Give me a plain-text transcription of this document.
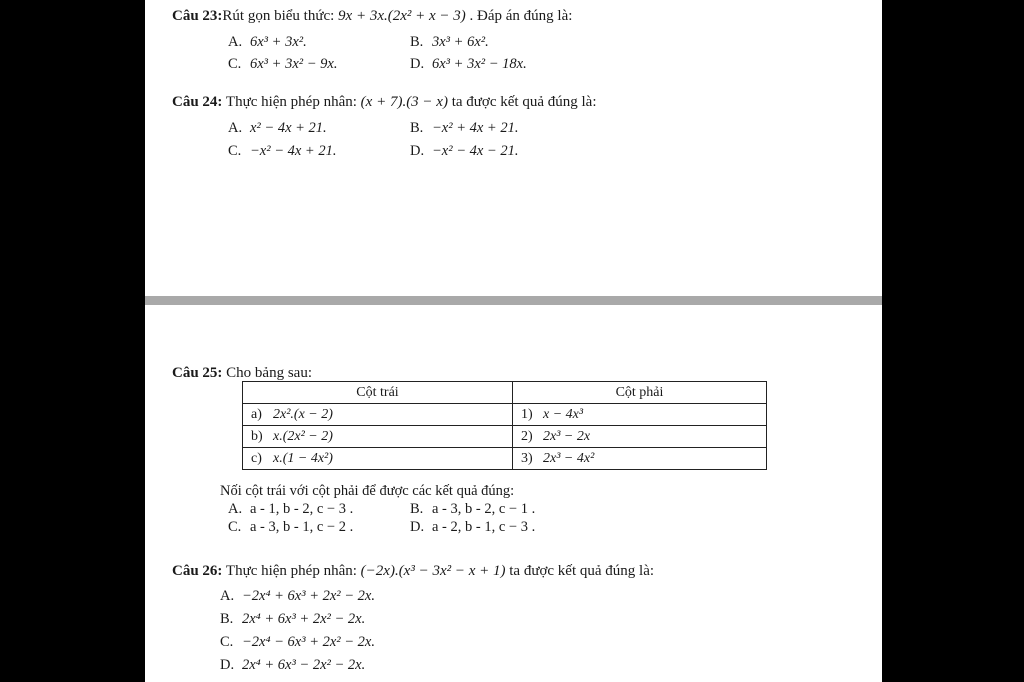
Câu 23:Rút gọn biểu thức: 9x + 3x.(2x² + x − 3) . Đáp án đúng là:
A. 6x³ + 3x².	B. 3x³ + 6x².
C. 6x³ + 3x² − 9x.	D. 6x³ + 3x² − 18x.
Câu 24: Thực hiện phép nhân: (x + 7).(3 − x) ta được kết quả đúng là:
A. x² − 4x + 21.	B. −x² + 4x + 21.
C. −x² − 4x + 21.	D. −x² − 4x − 21.
Câu 25: Cho bảng sau:
Cột trái	Cột phải
a) 2x².(x − 2)	1) x − 4x³
b) x.(2x² − 2)	2) 2x³ − 2x
c) x.(1 − 4x²)	3) 2x³ − 4x²
Nối cột trái với cột phải để được các kết quả đúng:
A. a - 1, b - 2, c − 3 .	B. a - 3, b - 2, c − 1 .
C. a - 3, b - 1, c − 2 .	D. a - 2, b - 1, c − 3 .
Câu 26: Thực hiện phép nhân: (−2x).(x³ − 3x² − x + 1) ta được kết quả đúng là:
A. −2x⁴ + 6x³ + 2x² − 2x.
B. 2x⁴ + 6x³ + 2x² − 2x.
C. −2x⁴ − 6x³ + 2x² − 2x.
D. 2x⁴ + 6x³ − 2x² − 2x.
